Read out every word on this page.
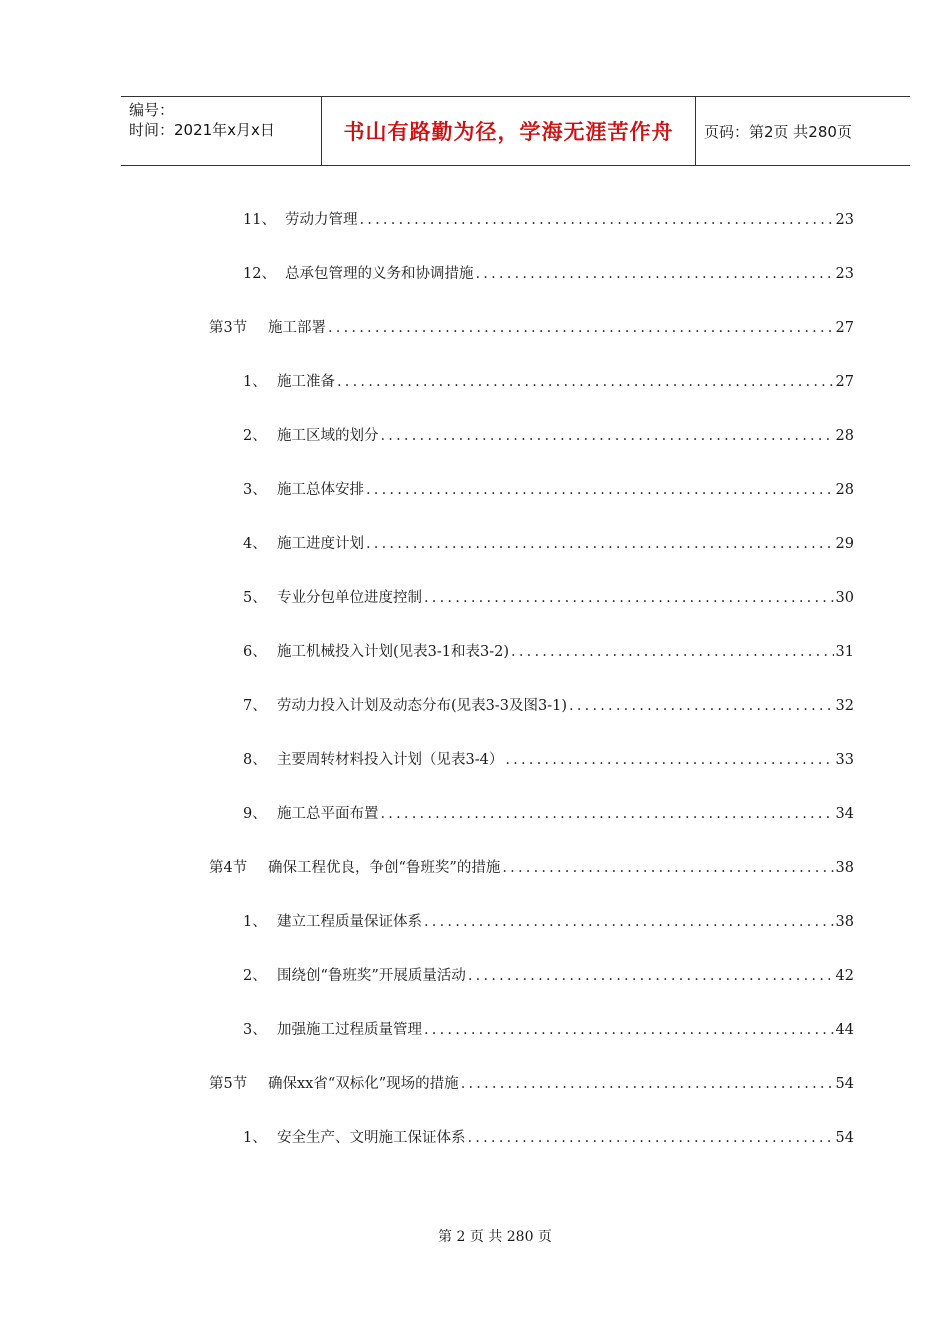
编号：
时间：2021年x月x日	书山有路勤为径，学海无涯苦作舟 页码：第2页 共280页
11、 劳动力管理 .....	23
12、 总承包管理的义务和协调措施 .....	23
第3节	施工部署 .....	27
1、 施工准备 .....	27
2、 施工区域的划分 .....	28
3、 施工总体安排 .....	28
4、 施工进度计划 .....	29
5、 专业分包单位进度控制 .....	30
6、 施工机械投入计划(见表3-1和表3-2) .....	31
7、 劳动力投入计划及动态分布(见表3-3及图3-1) .....	32
8、 主要周转材料投入计划（见表3-4） .....	33
9、 施工总平面布置 .....	34
第4节	确保工程优良，争创“鲁班奖”的措施 .....	38
1、 建立工程质量保证体系 .....	38
2、 围绕创“鲁班奖”开展质量活动 .....	42
3、 加强施工过程质量管理 .....	44
第5节	确保xx省“双标化”现场的措施 .....	54
1、 安全生产、文明施工保证体系 .....	54
第 2 页 共 280 页
